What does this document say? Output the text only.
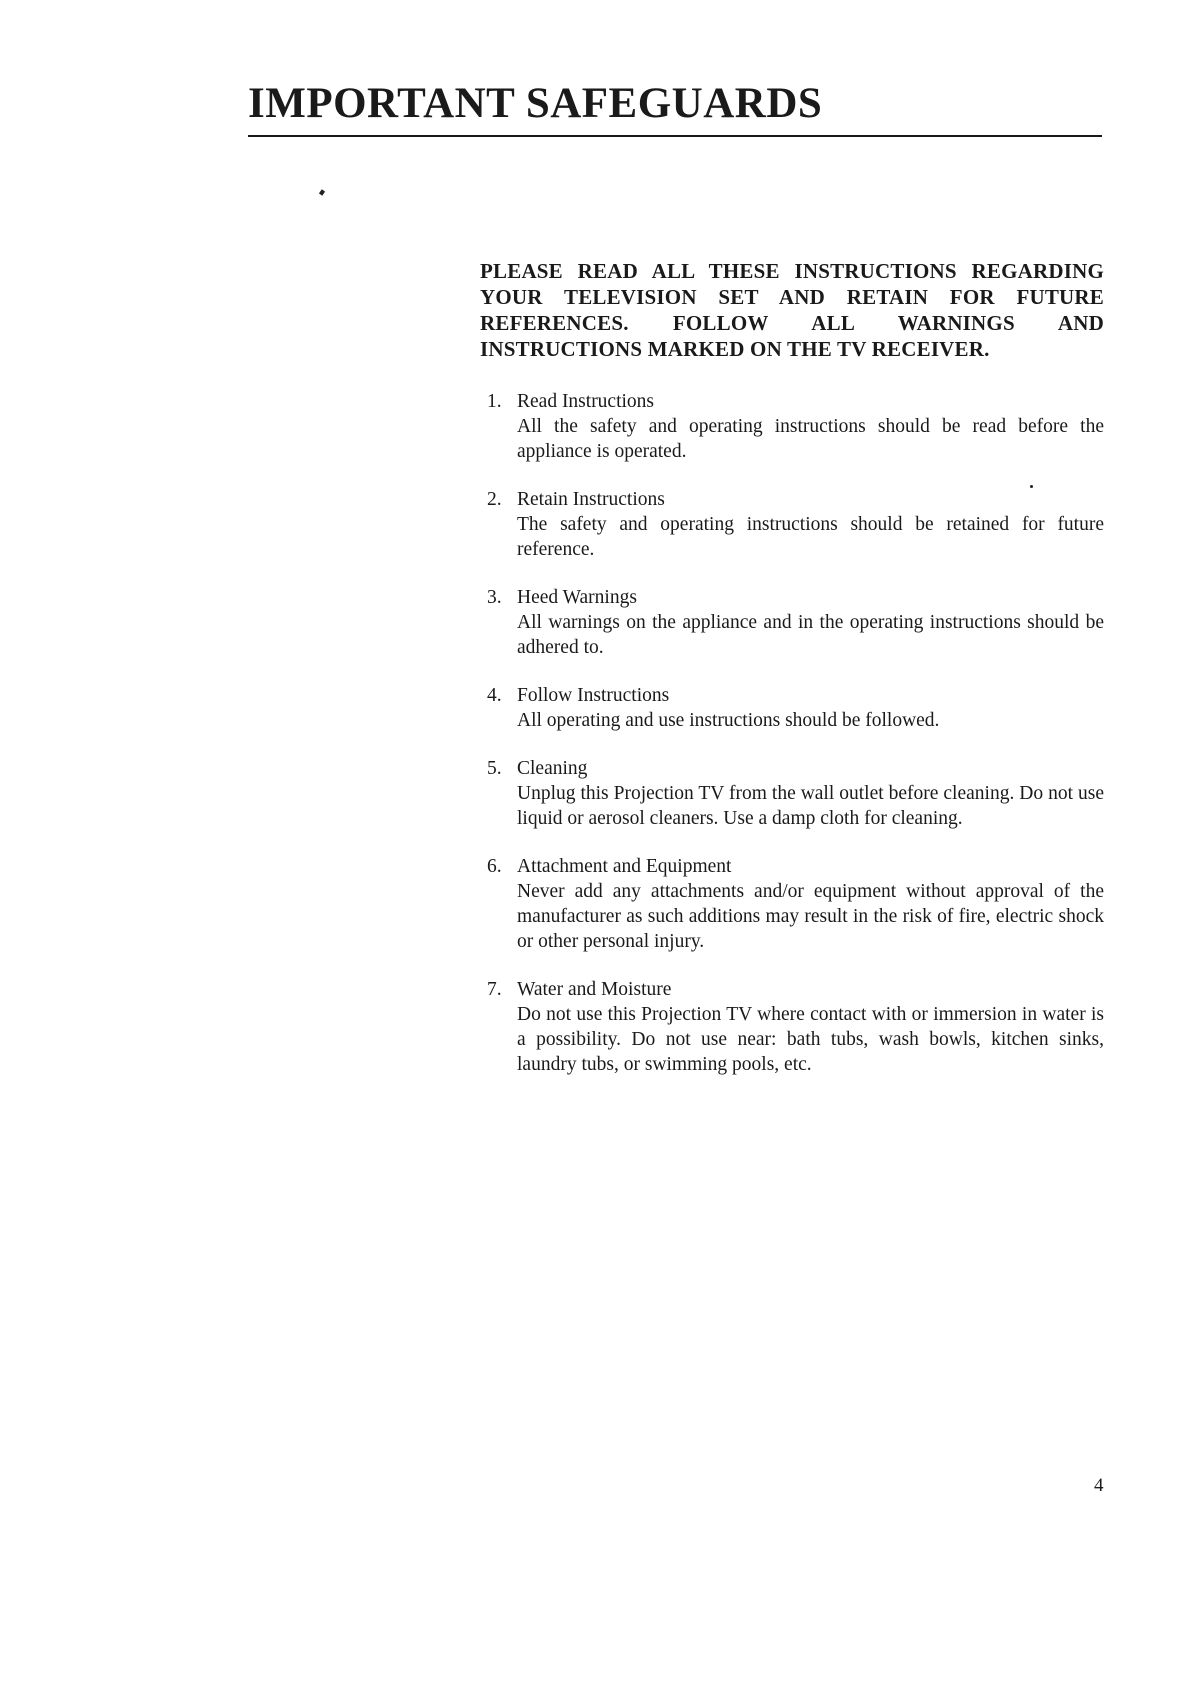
IMPORTANT SAFEGUARDS

PLEASE READ ALL THESE INSTRUCTIONS REGARDING YOUR TELEVISION SET AND RETAIN FOR FUTURE REFERENCES. FOLLOW ALL WARNINGS AND INSTRUCTIONS MARKED ON THE TV RECEIVER.

1. Read Instructions
All the safety and operating instructions should be read before the appliance is operated.
2. Retain Instructions
The safety and operating instructions should be retained for future reference.
3. Heed Warnings
All warnings on the appliance and in the operating instructions should be adhered to.
4. Follow Instructions
All operating and use instructions should be followed.
5. Cleaning
Unplug this Projection TV from the wall outlet before cleaning. Do not use liquid or aerosol cleaners. Use a damp cloth for cleaning.
6. Attachment and Equipment
Never add any attachments and/or equipment without approval of the manufacturer as such additions may result in the risk of fire, electric shock or other personal injury.
7. Water and Moisture
Do not use this Projection TV where contact with or immersion in water is a possibility. Do not use near: bath tubs, wash bowls, kitchen sinks, laundry tubs, or swimming pools, etc.
4
